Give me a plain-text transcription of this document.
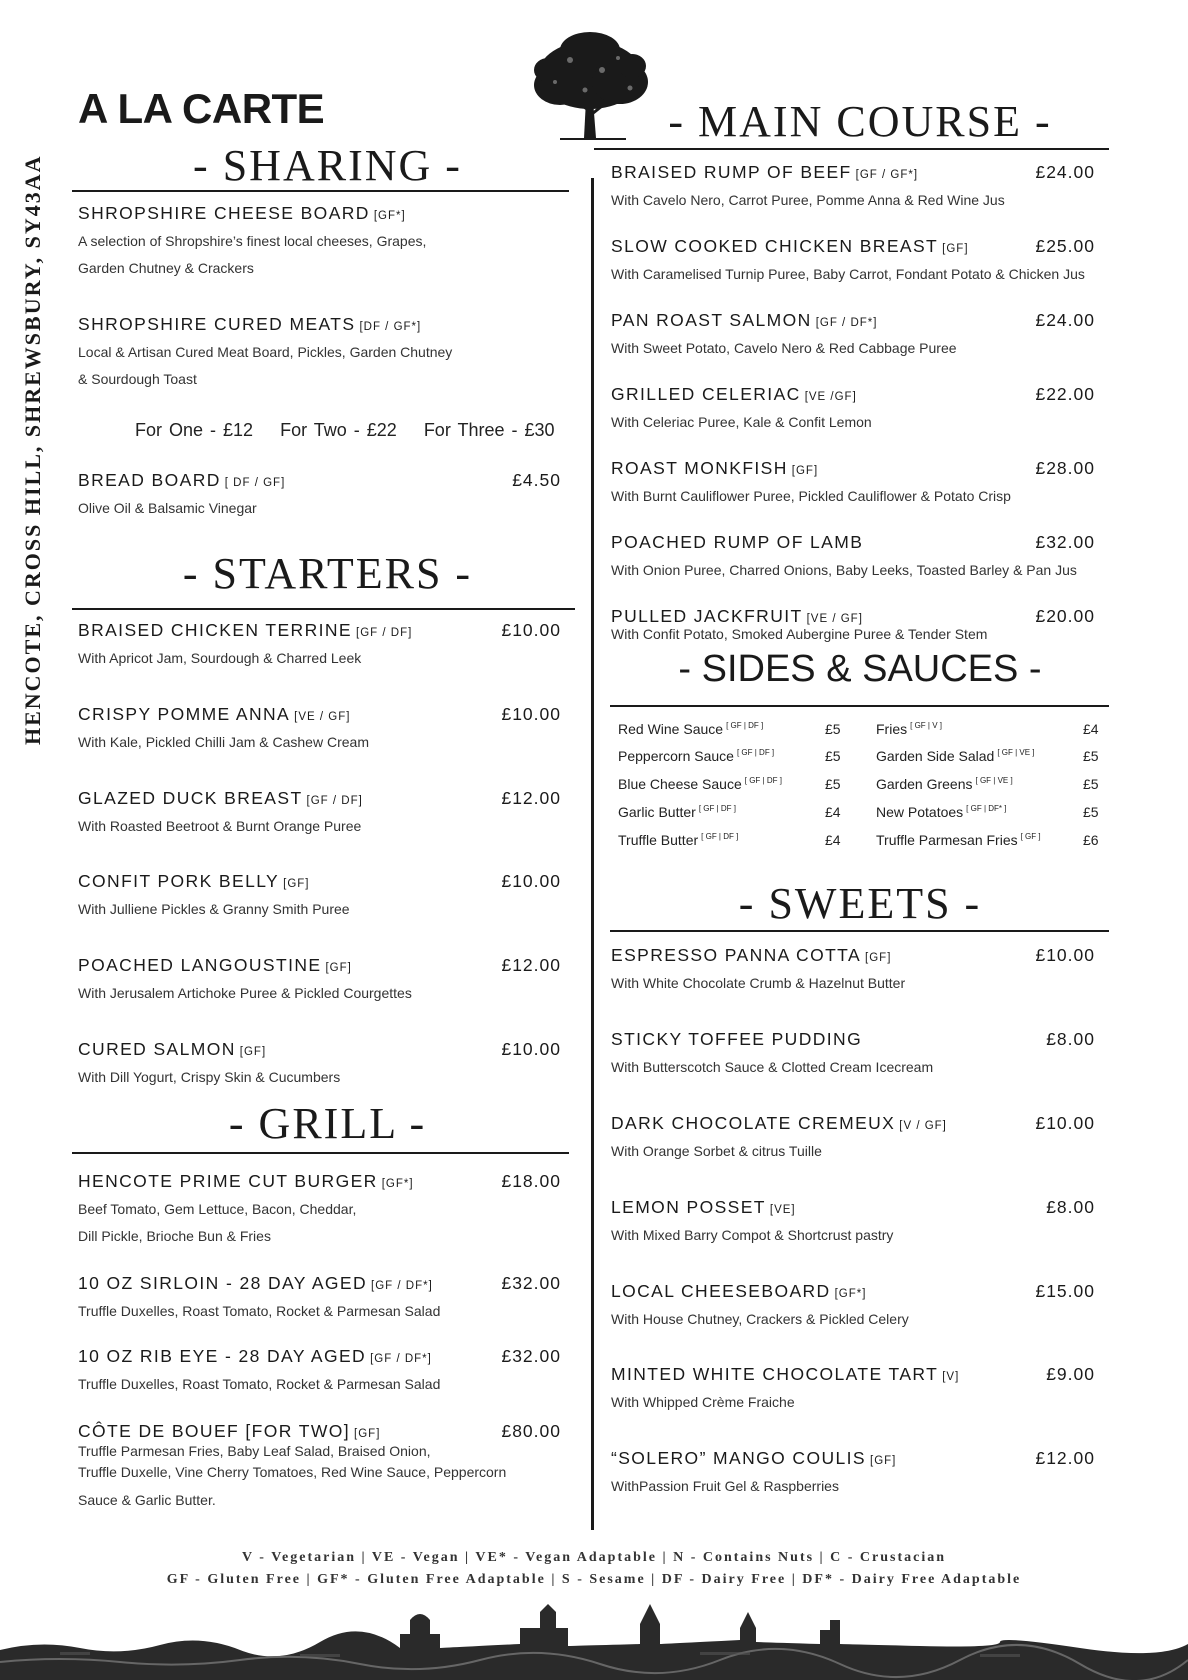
A LA CARTE
HENCOTE, CROSS HILL, SHREWSBURY, SY43AA	- SHARING -
- STARTERS -
- GRILL -
- MAIN COURSE -
- SIDES & SAUCES -
- SWEETS -
SHROPSHIRE CHEESE BOARD [GF*]
A selection of Shropshire’s finest local cheeses, Grapes,
Garden Chutney & Crackers
SHROPSHIRE CURED MEATS [DF / GF*]
Local & Artisan Cured Meat Board, Pickles, Garden Chutney
& Sourdough Toast
For One - £12 For Two - £22 For Three - £30
BREAD BOARD [ DF / GF]	£4.50
Olive Oil & Balsamic Vinegar
BRAISED CHICKEN TERRINE [GF / DF]	£10.00
With Apricot Jam, Sourdough & Charred Leek
CRISPY POMME ANNA [VE / GF]	£10.00
With Kale, Pickled Chilli Jam & Cashew Cream
GLAZED DUCK BREAST [GF / DF]	£12.00
With Roasted Beetroot & Burnt Orange Puree
CONFIT PORK BELLY [GF]	£10.00
With Julliene Pickles & Granny Smith Puree
POACHED LANGOUSTINE [GF]	£12.00
With Jerusalem Artichoke Puree & Pickled Courgettes
CURED SALMON [GF]	£10.00
With Dill Yogurt, Crispy Skin & Cucumbers
HENCOTE PRIME CUT BURGER [GF*]	£18.00
Beef Tomato, Gem Lettuce, Bacon, Cheddar,
Dill Pickle, Brioche Bun & Fries
10 OZ SIRLOIN - 28 DAY AGED [GF / DF*]	£32.00
Truffle Duxelles, Roast Tomato, Rocket & Parmesan Salad
10 OZ RIB EYE - 28 DAY AGED [GF / DF*]	£32.00
Truffle Duxelles, Roast Tomato, Rocket & Parmesan Salad
CÔTE DE BOUEF [FOR TWO] [GF]	£80.00
Truffle Parmesan Fries, Baby Leaf Salad, Braised Onion,
Truffle Duxelle, Vine Cherry Tomatoes, Red Wine Sauce, Peppercorn
Sauce & Garlic Butter.
BRAISED RUMP OF BEEF [GF / GF*]	£24.00
With Cavelo Nero, Carrot Puree, Pomme Anna & Red Wine Jus
SLOW COOKED CHICKEN BREAST [GF]	£25.00
With Caramelised Turnip Puree, Baby Carrot, Fondant Potato & Chicken Jus
PAN ROAST SALMON [GF / DF*]	£24.00
With Sweet Potato, Cavelo Nero & Red Cabbage Puree
GRILLED CELERIAC [VE /GF]	£22.00
With Celeriac Puree, Kale & Confit Lemon
ROAST MONKFISH [GF]	£28.00
With Burnt Cauliflower Puree, Pickled Cauliflower & Potato Crisp
POACHED RUMP OF LAMB	£32.00
With Onion Puree, Charred Onions, Baby Leeks, Toasted Barley & Pan Jus
PULLED JACKFRUIT [VE / GF]	£20.00
With Confit Potato, Smoked Aubergine Puree & Tender Stem
Red Wine Sauce [ GF | DF ]	£5
Peppercorn Sauce [ GF | DF ]	£5
Blue Cheese Sauce [ GF | DF ]	£5
Garlic Butter [ GF | DF ]	£4
Truffle Butter [ GF | DF ]	£4
Fries [ GF | V ]	£4
Garden Side Salad [ GF | VE ]	£5
Garden Greens [ GF | VE ]	£5
New Potatoes [ GF | DF* ]	£5
Truffle Parmesan Fries [ GF ]	£6
ESPRESSO PANNA COTTA [GF]	£10.00
With White Chocolate Crumb & Hazelnut Butter
STICKY TOFFEE PUDDING	£8.00
With Butterscotch Sauce & Clotted Cream Icecream
DARK CHOCOLATE CREMEUX [V / GF]	£10.00
With Orange Sorbet & citrus Tuille
LEMON POSSET [VE]	£8.00
With Mixed Barry Compot & Shortcrust pastry
LOCAL CHEESEBOARD [GF*]	£15.00
With House Chutney, Crackers & Pickled Celery
MINTED WHITE CHOCOLATE TART [V]	£9.00
With Whipped Crème Fraiche
“SOLERO” MANGO COULIS [GF]	£12.00
WithPassion Fruit Gel & Raspberries
V - Vegetarian | VE - Vegan | VE* - Vegan Adaptable | N - Contains Nuts | C - Crustacian
GF - Gluten Free | GF* - Gluten Free Adaptable | S - Sesame | DF - Dairy Free | DF* - Dairy Free Adaptable
